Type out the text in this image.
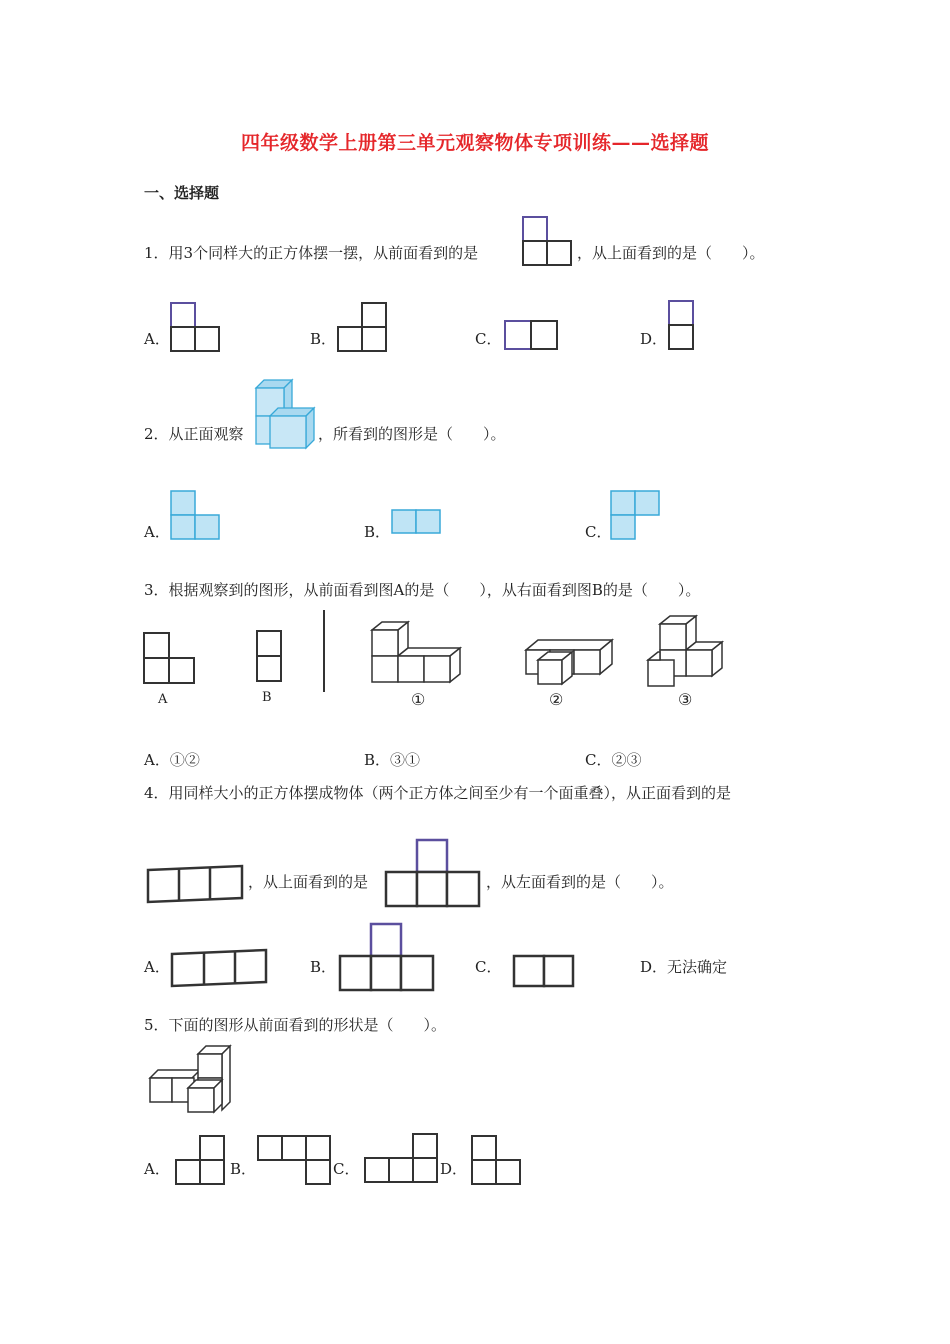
四年级数学上册第三单元观察物体专项训练——选择题
一、选择题
1．用3个同样大的正方体摆一摆，从前面看到的是	，从上面看到的是（　　）。
A．	B．	C．	D．
2．从正面观察	，所看到的图形是（　　）。
A．	B．	C．
3．根据观察到的图形，从前面看到图A的是（　　），从右面看到图B的是（　　）。
A	B	①	②	③
A．①②	B．③①	C．②③
4．用同样大小的正方体摆成物体（两个正方体之间至少有一个面重叠），从正面看到的是
，从上面看到的是	，从左面看到的是（　　）。
A．	B．	C．	D．无法确定
5．下面的图形从前面看到的形状是（　　）。
A．	B．	C．	D．
